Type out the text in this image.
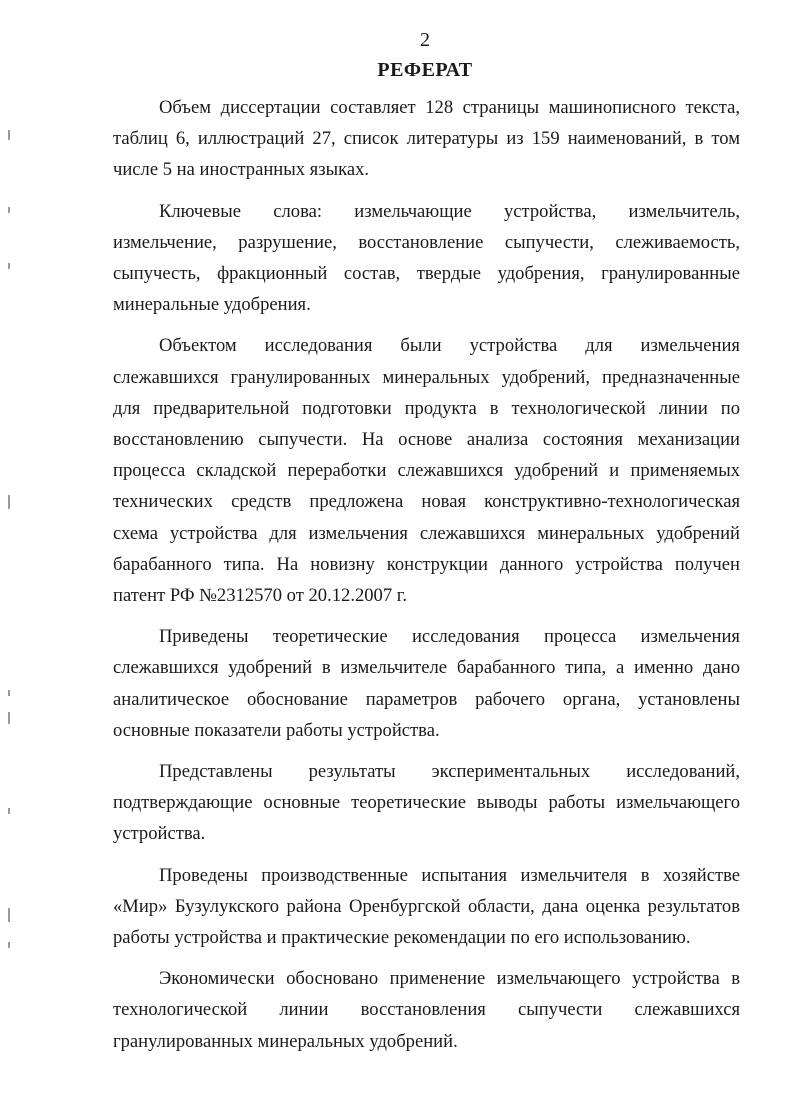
2
РЕФЕРАТ
Объем диссертации составляет 128 страницы машинописного текста,
таблиц 6, иллюстраций 27, список литературы из 159 наименований, в том
числе 5 на иностранных языках.
Ключевые слова: измельчающие устройства, измельчитель,
измельчение, разрушение, восстановление сыпучести, слеживаемость,
сыпучесть, фракционный состав, твердые удобрения, гранулированные
минеральные удобрения.
Объектом исследования были устройства для измельчения
слежавшихся гранулированных минеральных удобрений, предназначенные
для предварительной подготовки продукта в технологической линии по
восстановлению сыпучести. На основе анализа состояния механизации
процесса складской переработки слежавшихся удобрений и применяемых
технических средств предложена новая конструктивно-технологическая
схема устройства для измельчения слежавшихся минеральных удобрений
барабанного типа. На новизну конструкции данного устройства получен
патент РФ №2312570 от 20.12.2007 г.
Приведены теоретические исследования процесса измельчения
слежавшихся удобрений в измельчителе барабанного типа, а именно дано
аналитическое обоснование параметров рабочего органа, установлены
основные показатели работы устройства.
Представлены результаты экспериментальных исследований,
подтверждающие основные теоретические выводы работы измельчающего
устройства.
Проведены производственные испытания измельчителя в хозяйстве
«Мир» Бузулукского района Оренбургской области, дана оценка результатов
работы устройства и практические рекомендации по его использованию.
Экономически обосновано применение измельчающего устройства в
технологической линии восстановления сыпучести слежавшихся
гранулированных минеральных удобрений.
